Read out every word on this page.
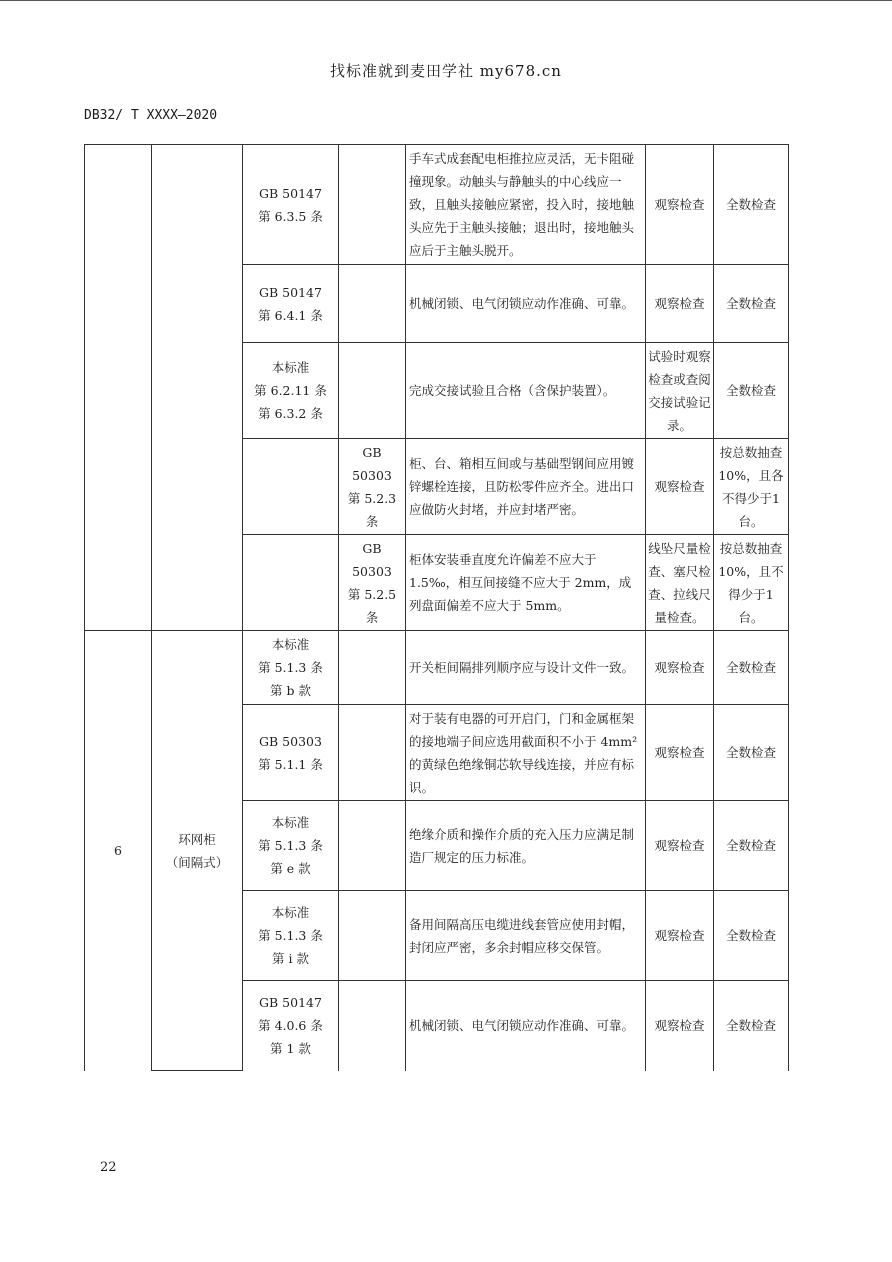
找标准就到麦田学社 my678.cn
DB32/ T XXXX—2020

		GB 50147
第 6.3.5 条		手车式成套配电柜推拉应灵活，无卡阻碰撞现象。动触头与静触头的中心线应一致，且触头接触应紧密，投入时，接地触头应先于主触头接触；退出时，接地触头应后于主触头脱开。	观察检查	全数检查

		GB 50147
第 6.4.1 条		机械闭锁、电气闭锁应动作准确、可靠。	观察检查	全数检查

		本标准
第 6.2.11 条
第 6.3.2 条		完成交接试验且合格（含保护装置）。	试验时观察检查或查阅交接试验记录。	全数检查

			GB 50303
第 5.2.3 条	柜、台、箱相互间或与基础型钢间应用镀锌螺栓连接，且防松零件应齐全。进出口应做防火封堵，并应封堵严密。	观察检查	按总数抽查10%，且各不得少于1台。

			GB 50303
第 5.2.5 条	柜体安装垂直度允许偏差不应大于1.5‰，相互间接缝不应大于 2mm，成列盘面偏差不应大于 5mm。	线坠尺量检查、塞尺检查、拉线尺量检查。	按总数抽查10%，且不得少于1台。
6	环网柜
（间隔式）	本标准
第 5.1.3 条
第 b 款		开关柜间隔排列顺序应与设计文件一致。	观察检查	全数检查

		GB 50303
第 5.1.1 条		对于装有电器的可开启门，门和金属框架的接地端子间应选用截面积不小于 4mm² 的黄绿色绝缘铜芯软导线连接，并应有标识。	观察检查	全数检查

		本标准
第 5.1.3 条
第 e 款		绝缘介质和操作介质的充入压力应满足制造厂规定的压力标准。	观察检查	全数检查

		本标准
第 5.1.3 条
第 i 款		备用间隔高压电缆进线套管应使用封帽，封闭应严密，多余封帽应移交保管。	观察检查	全数检查

		GB 50147
第 4.0.6 条
第 1 款		机械闭锁、电气闭锁应动作准确、可靠。	观察检查	全数检查
22
